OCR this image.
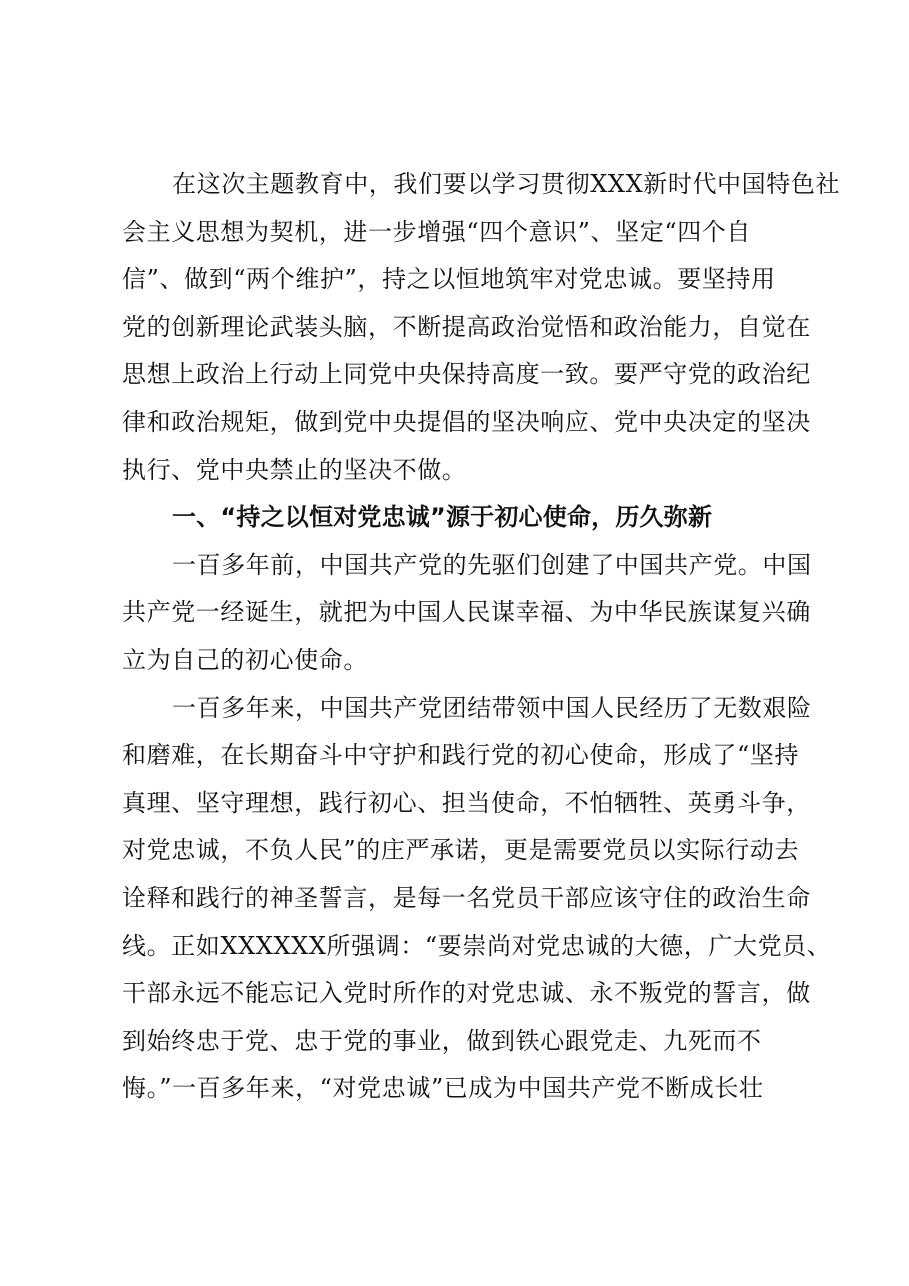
在这次主题教育中，我们要以学习贯彻XXX新时代中国特色社
会主义思想为契机，进一步增强“四个意识”、坚定“四个自
信”、做到“两个维护”，持之以恒地筑牢对党忠诚。要坚持用
党的创新理论武装头脑，不断提高政治觉悟和政治能力，自觉在
思想上政治上行动上同党中央保持高度一致。要严守党的政治纪
律和政治规矩，做到党中央提倡的坚决响应、党中央决定的坚决
执行、党中央禁止的坚决不做。
一、“持之以恒对党忠诚”源于初心使命，历久弥新
一百多年前，中国共产党的先驱们创建了中国共产党。中国
共产党一经诞生，就把为中国人民谋幸福、为中华民族谋复兴确
立为自己的初心使命。
一百多年来，中国共产党团结带领中国人民经历了无数艰险
和磨难，在长期奋斗中守护和践行党的初心使命，形成了“坚持
真理、坚守理想，践行初心、担当使命，不怕牺牲、英勇斗争，
对党忠诚，不负人民”的庄严承诺，更是需要党员以实际行动去
诠释和践行的神圣誓言，是每一名党员干部应该守住的政治生命
线。正如XXXXXX所强调：“要崇尚对党忠诚的大德，广大党员、
干部永远不能忘记入党时所作的对党忠诚、永不叛党的誓言，做
到始终忠于党、忠于党的事业，做到铁心跟党走、九死而不
悔。”一百多年来，“对党忠诚”已成为中国共产党不断成长壮
